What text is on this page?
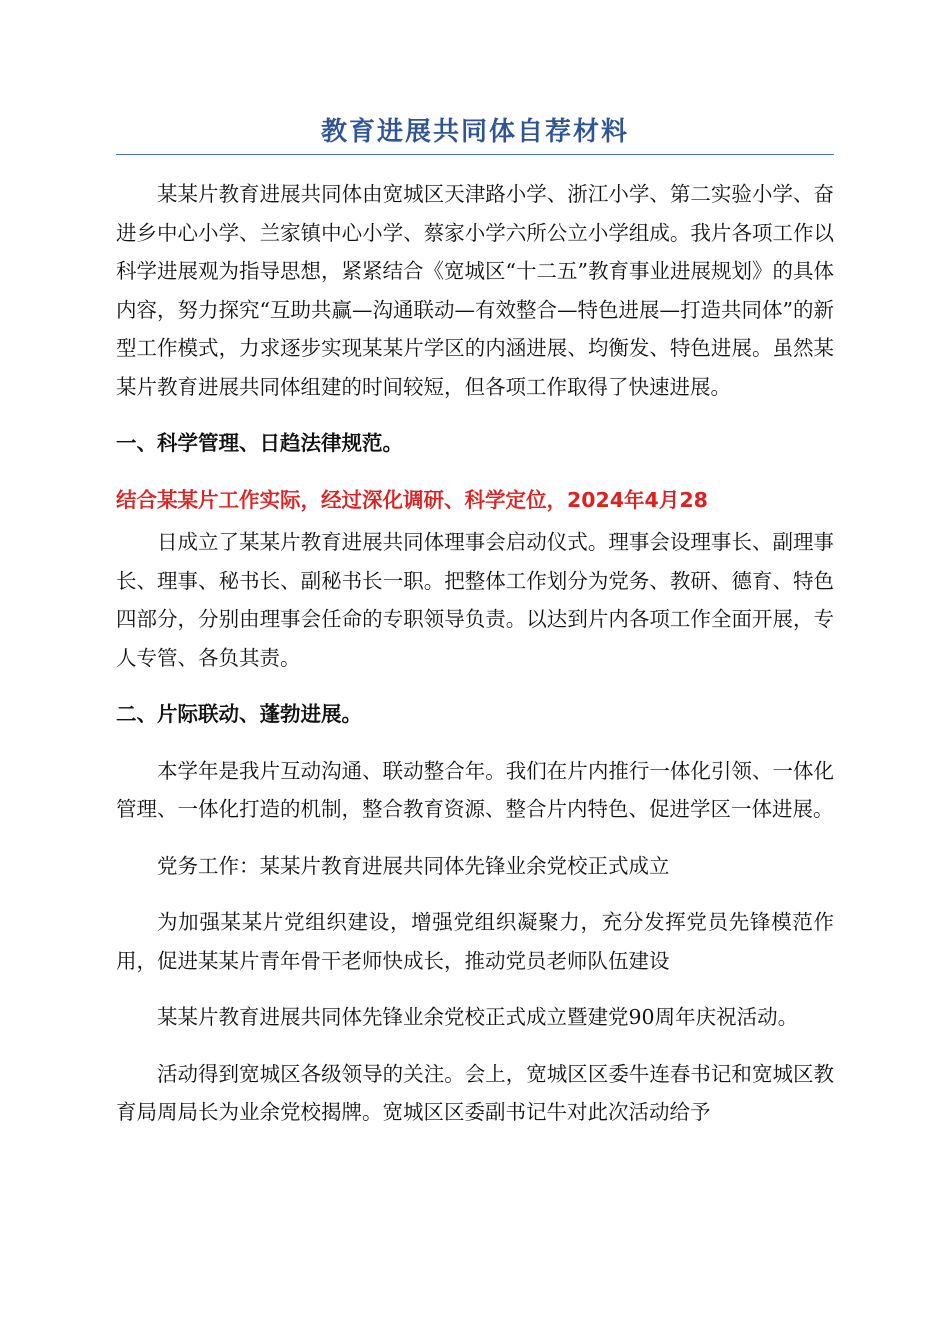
教育进展共同体自荐材料

某某片教育进展共同体由宽城区天津路小学、浙江小学、第二实验小学、奋进乡中心小学、兰家镇中心小学、蔡家小学六所公立小学组成。我片各项工作以科学进展观为指导思想，紧紧结合《宽城区“十二五”教育事业进展规划》的具体内容，努力探究“互助共赢—沟通联动—有效整合—特色进展—打造共同体”的新型工作模式，力求逐步实现某某片学区的内涵进展、均衡发、特色进展。虽然某某片教育进展共同体组建的时间较短，但各项工作取得了快速进展。

一、科学管理、日趋法律规范。

结合某某片工作实际，经过深化调研、科学定位，2024年4月28

日成立了某某片教育进展共同体理事会启动仪式。理事会设理事长、副理事长、理事、秘书长、副秘书长一职。把整体工作划分为党务、教研、德育、特色四部分，分别由理事会任命的专职领导负责。以达到片内各项工作全面开展，专人专管、各负其责。

二、片际联动、蓬勃进展。

本学年是我片互动沟通、联动整合年。我们在片内推行一体化引领、一体化管理、一体化打造的机制，整合教育资源、整合片内特色、促进学区一体进展。

党务工作：某某片教育进展共同体先锋业余党校正式成立

为加强某某片党组织建设，增强党组织凝聚力，充分发挥党员先锋模范作用，促进某某片青年骨干老师快成长，推动党员老师队伍建设

某某片教育进展共同体先锋业余党校正式成立暨建党90周年庆祝活动。

活动得到宽城区各级领导的关注。会上，宽城区区委牛连春书记和宽城区教育局周局长为业余党校揭牌。宽城区区委副书记牛对此次活动给予
